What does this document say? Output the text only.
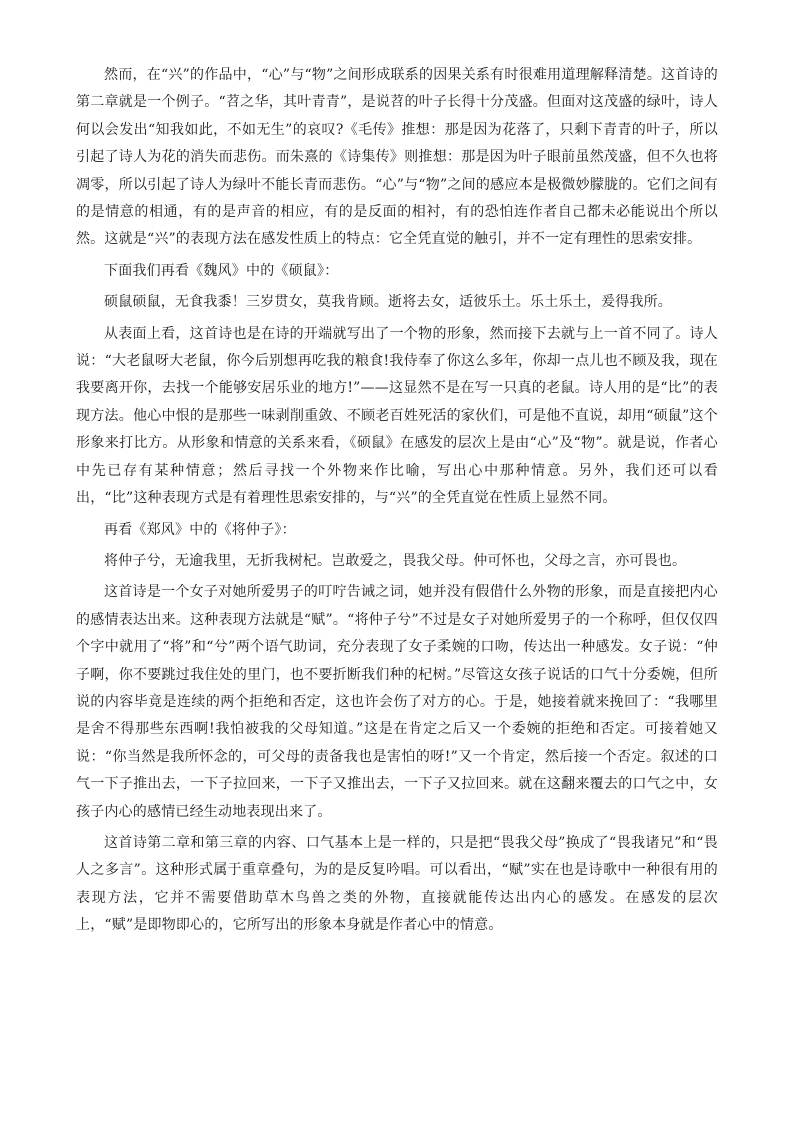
然而，在“兴”的作品中，“心”与“物”之间形成联系的因果关系有时很难用道理解释清楚。这首诗的第二章就是一个例子。“苕之华，其叶青青”，是说苕的叶子长得十分茂盛。但面对这茂盛的绿叶，诗人何以会发出“知我如此，不如无生”的哀叹?《毛传》推想：那是因为花落了，只剩下青青的叶子，所以引起了诗人为花的消失而悲伤。而朱熹的《诗集传》则推想：那是因为叶子眼前虽然茂盛，但不久也将凋零，所以引起了诗人为绿叶不能长青而悲伤。“心”与“物”之间的感应本是极微妙朦胧的。它们之间有的是情意的相通，有的是声音的相应，有的是反面的相衬，有的恐怕连作者自己都未必能说出个所以然。这就是“兴”的表现方法在感发性质上的特点：它全凭直觉的触引，并不一定有理性的思索安排。

下面我们再看《魏风》中的《硕鼠》：

硕鼠硕鼠，无食我黍！三岁贯女，莫我肯顾。逝将去女，适彼乐土。乐土乐土，爰得我所。

从表面上看，这首诗也是在诗的开端就写出了一个物的形象，然而接下去就与上一首不同了。诗人说：“大老鼠呀大老鼠，你今后别想再吃我的粮食!我侍奉了你这么多年，你却一点儿也不顾及我，现在我要离开你，去找一个能够安居乐业的地方!”——这显然不是在写一只真的老鼠。诗人用的是“比”的表现方法。他心中恨的是那些一味剥削重敛、不顾老百姓死活的家伙们，可是他不直说，却用“硕鼠”这个形象来打比方。从形象和情意的关系来看，《硕鼠》在感发的层次上是由“心”及“物”。就是说，作者心中先已存有某种情意；然后寻找一个外物来作比喻，写出心中那种情意。另外，我们还可以看出，“比”这种表现方式是有着理性思索安排的，与“兴”的全凭直觉在性质上显然不同。

再看《郑风》中的《将仲子》：

将仲子兮，无逾我里，无折我树杞。岂敢爱之，畏我父母。仲可怀也，父母之言，亦可畏也。

这首诗是一个女子对她所爱男子的叮咛告诫之词，她并没有假借什么外物的形象，而是直接把内心的感情表达出来。这种表现方法就是“赋”。“将仲子兮”不过是女子对她所爱男子的一个称呼，但仅仅四个字中就用了“将”和“兮”两个语气助词，充分表现了女子柔婉的口吻，传达出一种感发。女子说：“仲子啊，你不要跳过我住处的里门，也不要折断我们种的杞树。”尽管这女孩子说话的口气十分委婉，但所说的内容毕竟是连续的两个拒绝和否定，这也许会伤了对方的心。于是，她接着就来挽回了：“我哪里是舍不得那些东西啊!我怕被我的父母知道。”这是在肯定之后又一个委婉的拒绝和否定。可接着她又说：“你当然是我所怀念的，可父母的责备我也是害怕的呀!”又一个肯定，然后接一个否定。叙述的口气一下子推出去，一下子拉回来，一下子又推出去，一下子又拉回来。就在这翻来覆去的口气之中，女孩子内心的感情已经生动地表现出来了。

这首诗第二章和第三章的内容、口气基本上是一样的，只是把“畏我父母”换成了“畏我诸兄”和“畏人之多言”。这种形式属于重章叠句，为的是反复吟唱。可以看出，“赋”实在也是诗歌中一种很有用的表现方法，它并不需要借助草木鸟兽之类的外物，直接就能传达出内心的感发。在感发的层次上，“赋”是即物即心的，它所写出的形象本身就是作者心中的情意。
